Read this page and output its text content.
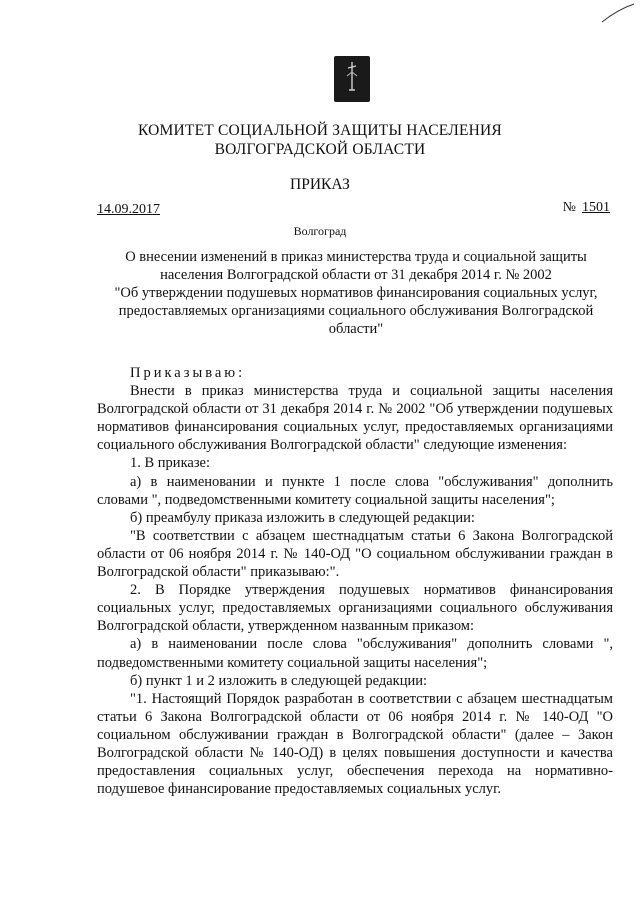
КОМИТЕТ СОЦИАЛЬНОЙ ЗАЩИТЫ НАСЕЛЕНИЯ
ВОЛГОГРАДСКОЙ ОБЛАСТИ
ПРИКАЗ
14.09.2017	№ 1501
Волгоград
О внесении изменений в приказ министерства труда и социальной защиты
населения Волгоградской области от 31 декабря 2014 г. № 2002
"Об утверждении подушевых нормативов финансирования социальных услуг,
предоставляемых организациями социального обслуживания Волгоградской
области"

Приказываю:

Внести в приказ министерства труда и социальной защиты населения Волгоградской области от 31 декабря 2014 г. № 2002 "Об утверждении подушевых нормативов финансирования социальных услуг, предоставляемых организациями социального обслуживания Волгоградской области" следующие изменения:

1. В приказе:

а) в наименовании и пункте 1 после слова "обслуживания" дополнить словами ", подведомственными комитету социальной защиты населения";

б) преамбулу приказа изложить в следующей редакции:

"В соответствии с абзацем шестнадцатым статьи 6 Закона Волгоградской области от 06 ноября 2014 г. № 140-ОД "О социальном обслуживании граждан в Волгоградской области" приказываю:".

2. В Порядке утверждения подушевых нормативов финансирования социальных услуг, предоставляемых организациями социального обслуживания Волгоградской области, утвержденном названным приказом:

а) в наименовании после слова "обслуживания" дополнить словами ", подведомственными комитету социальной защиты населения";

б) пункт 1 и 2 изложить в следующей редакции:

"1. Настоящий Порядок разработан в соответствии с абзацем шестнадцатым статьи 6 Закона Волгоградской области от 06 ноября 2014 г. № 140-ОД "О социальном обслуживании граждан в Волгоградской области" (далее – Закон Волгоградской области № 140-ОД) в целях повышения доступности и качества предоставления социальных услуг, обеспечения перехода на нормативно-подушевое финансирование предоставляемых социальных услуг.
